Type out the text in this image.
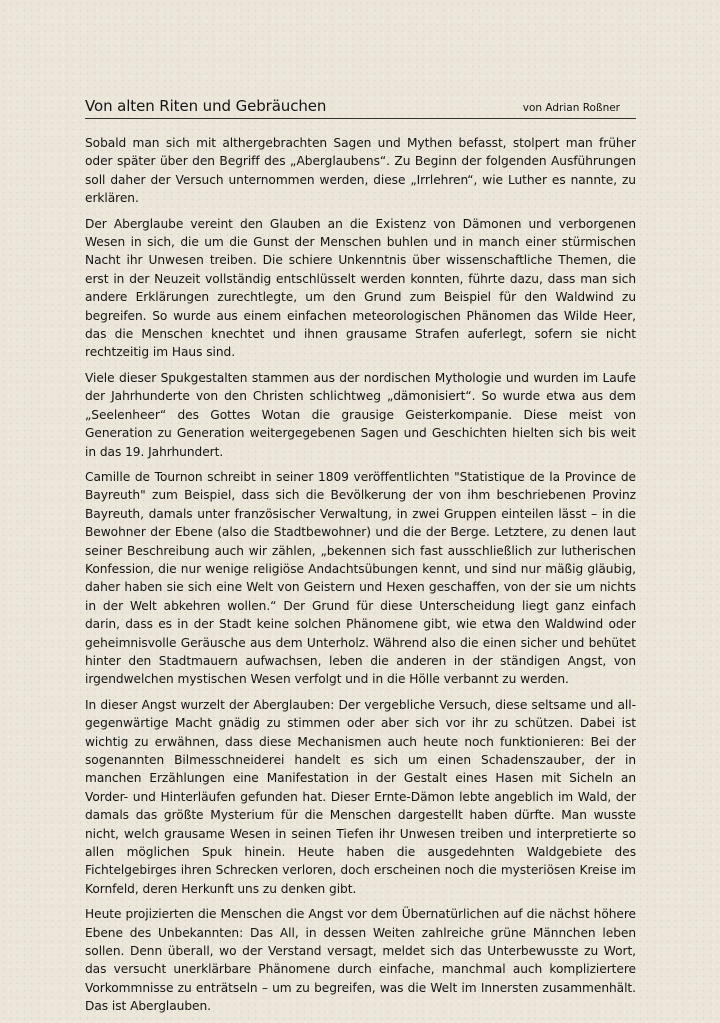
Von alten Riten und Gebräuchen	von Adrian Roßner

Sobald man sich mit althergebrachten Sagen und Mythen befasst, stolpert man früher oder später über den Begriff des „Aberglaubens“. Zu Beginn der folgenden Ausführungen soll daher der Versuch unternommen werden, diese „Irrlehren“, wie Luther es nannte, zu erklären.

Der Aberglaube vereint den Glauben an die Existenz von Dämonen und verborgenen Wesen in sich, die um die Gunst der Menschen buhlen und in manch einer stürmischen Nacht ihr Unwesen treiben. Die schiere Unkenntnis über wissenschaftliche Themen, die erst in der Neuzeit vollständig entschlüsselt werden konnten, führte dazu, dass man sich andere Erklärungen zurechtlegte, um den Grund zum Beispiel für den Waldwind zu begreifen. So wurde aus einem einfachen meteorologischen Phänomen das Wilde Heer, das die Menschen knechtet und ihnen grausame Strafen auferlegt, sofern sie nicht rechtzeitig im Haus sind.

Viele dieser Spukgestalten stammen aus der nordischen Mythologie und wurden im Laufe der Jahrhunderte von den Christen schlichtweg „dämonisiert“. So wurde etwa aus dem „Seelenheer“ des Gottes Wotan die grausige Geisterkompanie. Diese meist von Generation zu Generation weitergegebenen Sagen und Geschichten hielten sich bis weit in das 19. Jahrhundert.

Camille de Tournon schreibt in seiner 1809 veröffentlichten "Statistique de la Province de Bayreuth" zum Beispiel, dass sich die Bevölkerung der von ihm beschriebenen Provinz Bayreuth, damals unter französischer Verwaltung, in zwei Gruppen einteilen lässt – in die Bewohner der Ebene (also die Stadtbewohner) und die der Berge. Letztere, zu denen laut seiner Beschreibung auch wir zählen, „bekennen sich fast ausschließlich zur lutherischen Konfession, die nur wenige religiöse Andachtsübungen kennt, und sind nur mäßig gläubig, daher haben sie sich eine Welt von Geistern und Hexen geschaffen, von der sie um nichts in der Welt abkehren wollen.“ Der Grund für diese Unterscheidung liegt ganz einfach darin, dass es in der Stadt keine solchen Phänomene gibt, wie etwa den Waldwind oder geheimnisvolle Geräusche aus dem Unterholz. Während also die einen sicher und behütet hinter den Stadtmauern aufwachsen, leben die anderen in der ständigen Angst, von irgendwelchen mystischen Wesen verfolgt und in die Hölle verbannt zu werden.

In dieser Angst wurzelt der Aberglauben: Der vergebliche Versuch, diese seltsame und allgegenwärtige Macht gnädig zu stimmen oder aber sich vor ihr zu schützen. Dabei ist wichtig zu erwähnen, dass diese Mechanismen auch heute noch funktionieren: Bei der sogenannten Bilmesschneiderei handelt es sich um einen Schadenszauber, der in manchen Erzählungen eine Manifestation in der Gestalt eines Hasen mit Sicheln an Vorder- und Hinterläufen gefunden hat. Dieser Ernte-Dämon lebte angeblich im Wald, der damals das größte Mysterium für die Menschen dargestellt haben dürfte. Man wusste nicht, welch grausame Wesen in seinen Tiefen ihr Unwesen treiben und interpretierte so allen möglichen Spuk hinein. Heute haben die ausgedehnten Waldgebiete des Fichtelgebirges ihren Schrecken verloren, doch erscheinen noch die mysteriösen Kreise im Kornfeld, deren Herkunft uns zu denken gibt.

Heute projizierten die Menschen die Angst vor dem Übernatürlichen auf die nächst höhere Ebene des Unbekannten: Das All, in dessen Weiten zahlreiche grüne Männchen leben sollen. Denn überall, wo der Verstand versagt, meldet sich das Unterbewusste zu Wort, das versucht unerklärbare Phänomene durch einfache, manchmal auch kompliziertere Vorkommnisse zu enträtseln – um zu begreifen, was die Welt im Innersten zusammenhält. Das ist Aberglauben.
